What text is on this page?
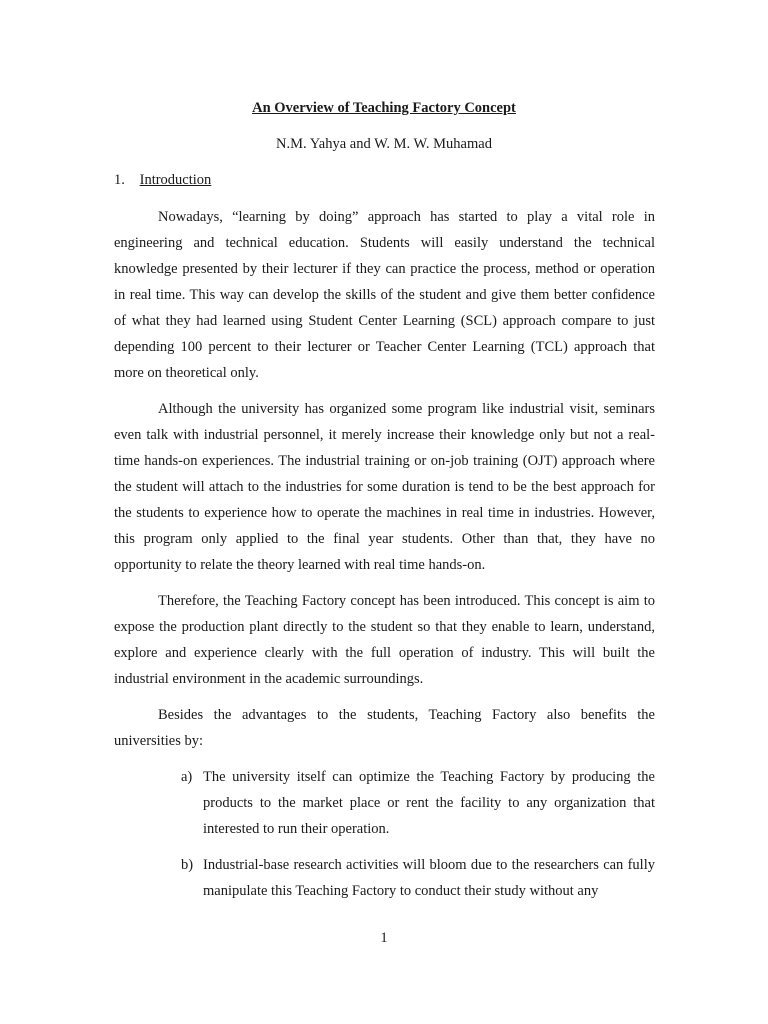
An Overview of Teaching Factory Concept
N.M. Yahya and W. M. W. Muhamad
1. Introduction

Nowadays, “learning by doing” approach has started to play a vital role in engineering and technical education. Students will easily understand the technical knowledge presented by their lecturer if they can practice the process, method or operation in real time. This way can develop the skills of the student and give them better confidence of what they had learned using Student Center Learning (SCL) approach compare to just depending 100 percent to their lecturer or Teacher Center Learning (TCL) approach that more on theoretical only.

Although the university has organized some program like industrial visit, seminars even talk with industrial personnel, it merely increase their knowledge only but not a real-time hands-on experiences. The industrial training or on-job training (OJT) approach where the student will attach to the industries for some duration is tend to be the best approach for the students to experience how to operate the machines in real time in industries. However, this program only applied to the final year students. Other than that, they have no opportunity to relate the theory learned with real time hands-on.

Therefore, the Teaching Factory concept has been introduced. This concept is aim to expose the production plant directly to the student so that they enable to learn, understand, explore and experience clearly with the full operation of industry. This will built the industrial environment in the academic surroundings.

Besides the advantages to the students, Teaching Factory also benefits the universities by:

a) The university itself can optimize the Teaching Factory by producing the products to the market place or rent the facility to any organization that interested to run their operation.
b) Industrial-base research activities will bloom due to the researchers can fully manipulate this Teaching Factory to conduct their study without any
1
